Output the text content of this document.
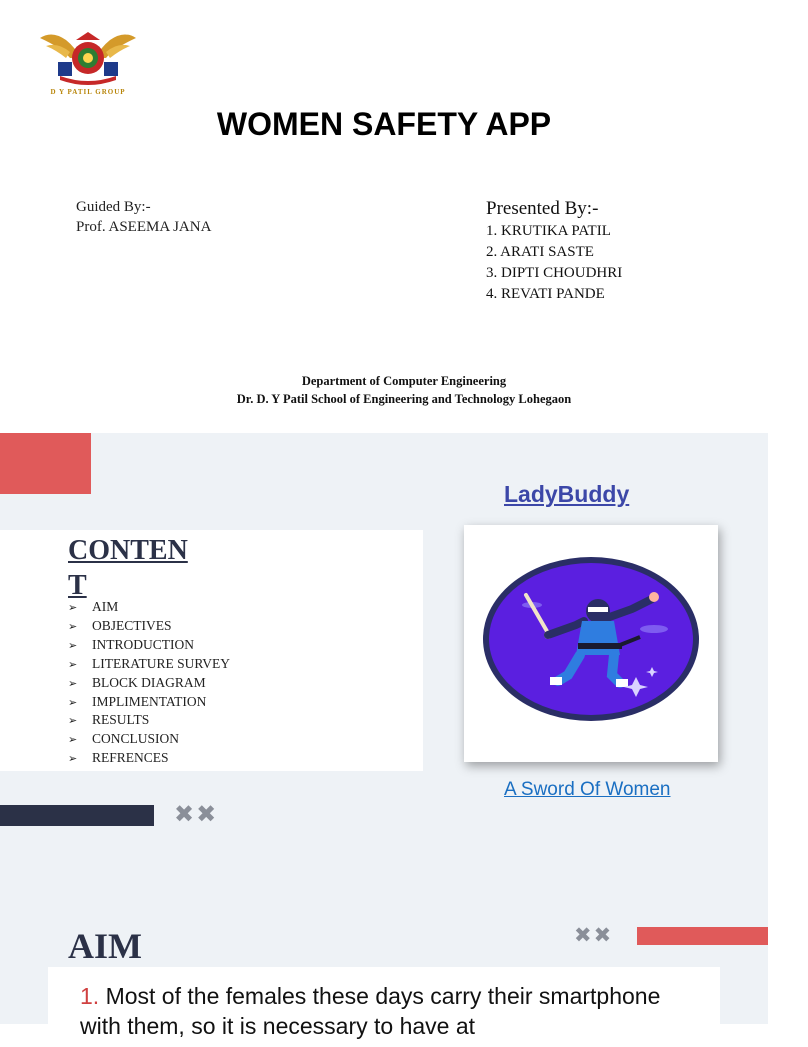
D Y PATIL GROUP
WOMEN SAFETY APP
Guided By:-
Prof. ASEEMA JANA
Presented By:-
1. KRUTIKA PATIL
2. ARATI SASTE
3. DIPTI CHOUDHRI
4. REVATI PANDE
Department of Computer Engineering
Dr. D. Y Patil School of Engineering and Technology Lohegaon
CONTENT
➢ AIM
➢ OBJECTIVES
➢ INTRODUCTION
➢ LITERATURE SURVEY
➢ BLOCK DIAGRAM
➢ IMPLIMENTATION
➢ RESULTS
➢ CONCLUSION
➢ REFRENCES
LadyBuddy
A Sword Of Women
✖✖
AIM	✖✖
1. Most of the females these days carry their smartphone with them, so it is necessary to have at
